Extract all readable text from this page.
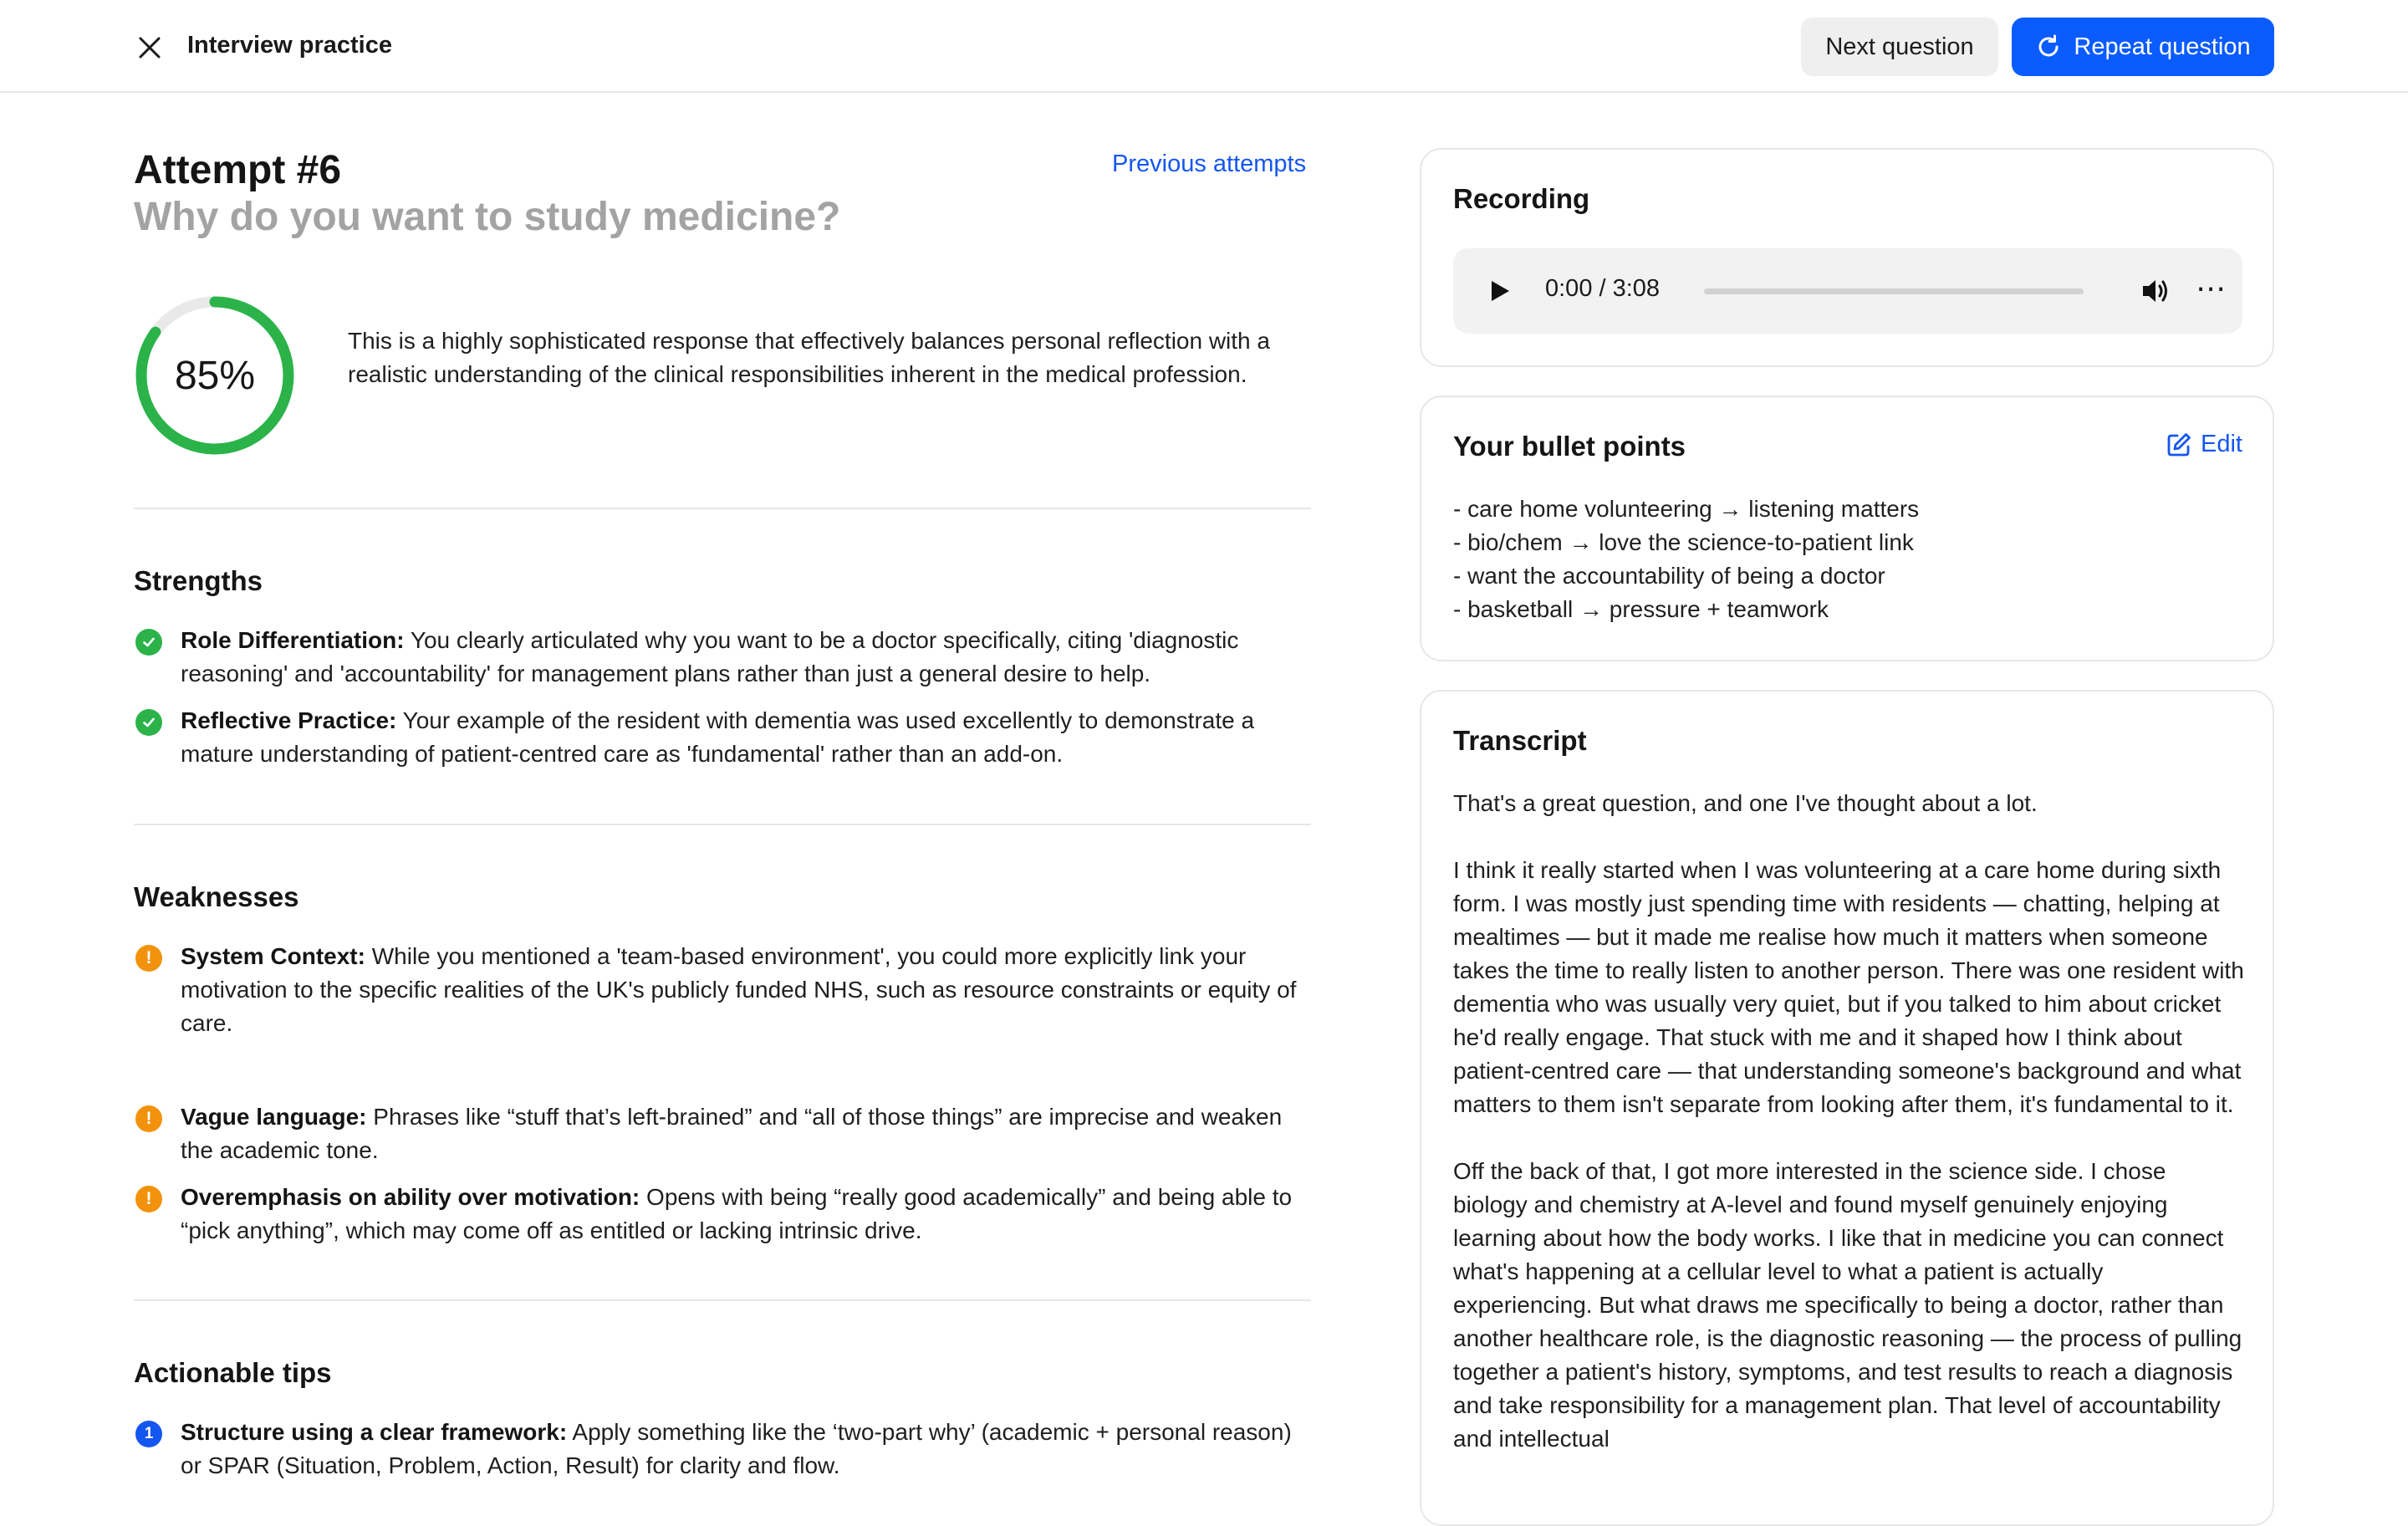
Interview practice	Next question	Repeat question
Attempt #6
Why do you want to study medicine?
Previous attempts
85%
This is a highly sophisticated response that effectively balances personal reflection with a realistic understanding of the clinical responsibilities inherent in the medical profession.
Strengths
Role Differentiation: You clearly articulated why you want to be a doctor specifically, citing 'diagnostic reasoning' and 'accountability' for management plans rather than just a general desire to help.
Reflective Practice: Your example of the resident with dementia was used excellently to demonstrate a mature understanding of patient-centred care as 'fundamental' rather than an add-on.
Weaknesses
!	System Context: While you mentioned a 'team-based environment', you could more explicitly link your motivation to the specific realities of the UK's publicly funded NHS, such as resource constraints or equity of care.
!	Vague language: Phrases like “stuff that’s left-brained” and “all of those things” are imprecise and weaken the academic tone.
!	Overemphasis on ability over motivation: Opens with being “really good academically” and being able to “pick anything”, which may come off as entitled or lacking intrinsic drive.
Actionable tips
1	Structure using a clear framework: Apply something like the ‘two-part why’ (academic + personal reason) or SPAR (Situation, Problem, Action, Result) for clarity and flow.
Recording
0:00 / 3:08	⋯
Your bullet points	Edit
- care home volunteering → listening matters
- bio/chem → love the science-to-patient link
- want the accountability of being a doctor
- basketball → pressure + teamwork
Transcript

That's a great question, and one I've thought about a lot.

I think it really started when I was volunteering at a care home during sixth form. I was mostly just spending time with residents — chatting, helping at mealtimes — but it made me realise how much it matters when someone takes the time to really listen to another person. There was one resident with dementia who was usually very quiet, but if you talked to him about cricket he'd really engage. That stuck with me and it shaped how I think about patient-centred care — that understanding someone's background and what matters to them isn't separate from looking after them, it's fundamental to it.

Off the back of that, I got more interested in the science side. I chose biology and chemistry at A-level and found myself genuinely enjoying learning about how the body works. I like that in medicine you can connect what's happening at a cellular level to what a patient is actually experiencing. But what draws me specifically to being a doctor, rather than another healthcare role, is the diagnostic reasoning — the process of pulling together a patient's history, symptoms, and test results to reach a diagnosis and take responsibility for a management plan. That level of accountability and intellectual
